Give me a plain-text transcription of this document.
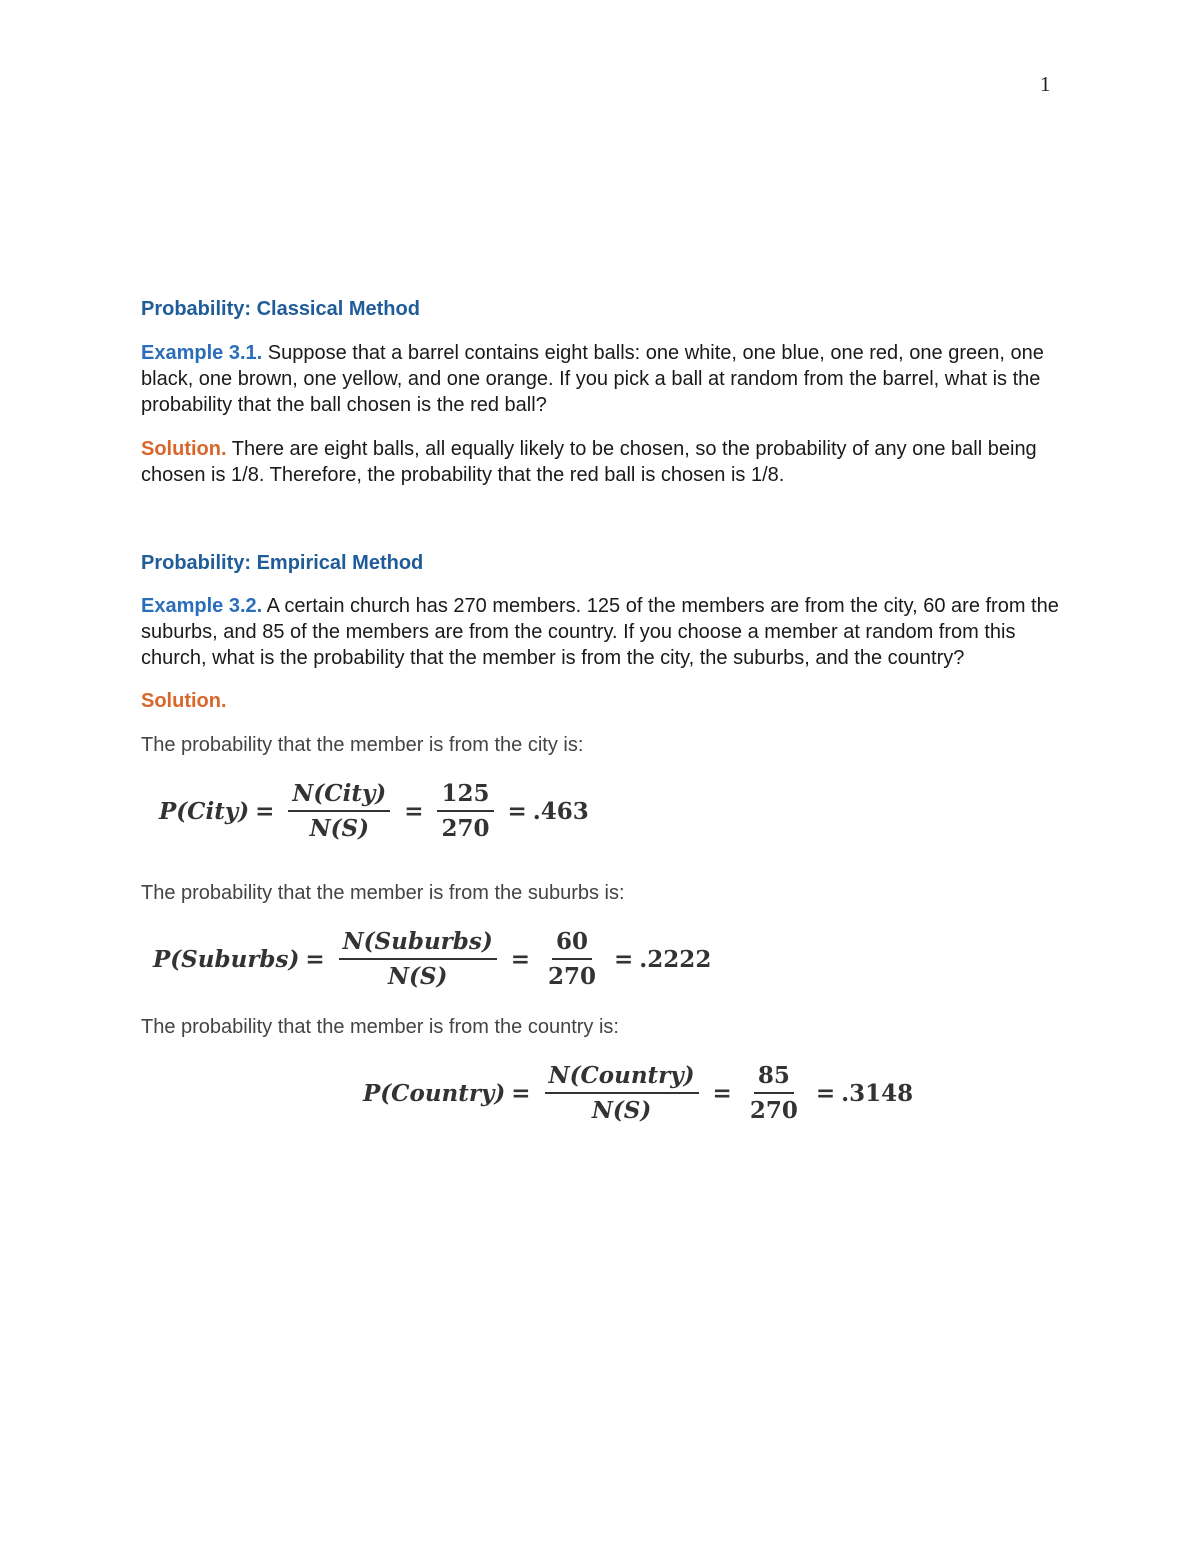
1

Probability: Classical Method

Example 3.1. Suppose that a barrel contains eight balls: one white, one blue, one red, one green, one black, one brown, one yellow, and one orange. If you pick a ball at random from the barrel, what is the probability that the ball chosen is the red ball?

Solution. There are eight balls, all equally likely to be chosen, so the probability of any one ball being chosen is 1/8. Therefore, the probability that the red ball is chosen is 1/8.

Probability: Empirical Method

Example 3.2. A certain church has 270 members. 125 of the members are from the city, 60 are from the suburbs, and 85 of the members are from the country. If you choose a member at random from this church, what is the probability that the member is from the city, the suburbs, and the country?

Solution.

The probability that the member is from the city is:

P(City) = $\frac{\text{N(City)}}{N(S)} = \frac{125}{270} = .463$

The probability that the member is from the suburbs is:

P(Suburbs) = $\frac{\text{N(Suburbs)}}{N(S)} = \frac{60}{270} = .2222$

The probability that the member is from the country is:

P(Country) = $\frac{\text{N(Country)}}{N(S)} = \frac{85}{270} = .3148$
